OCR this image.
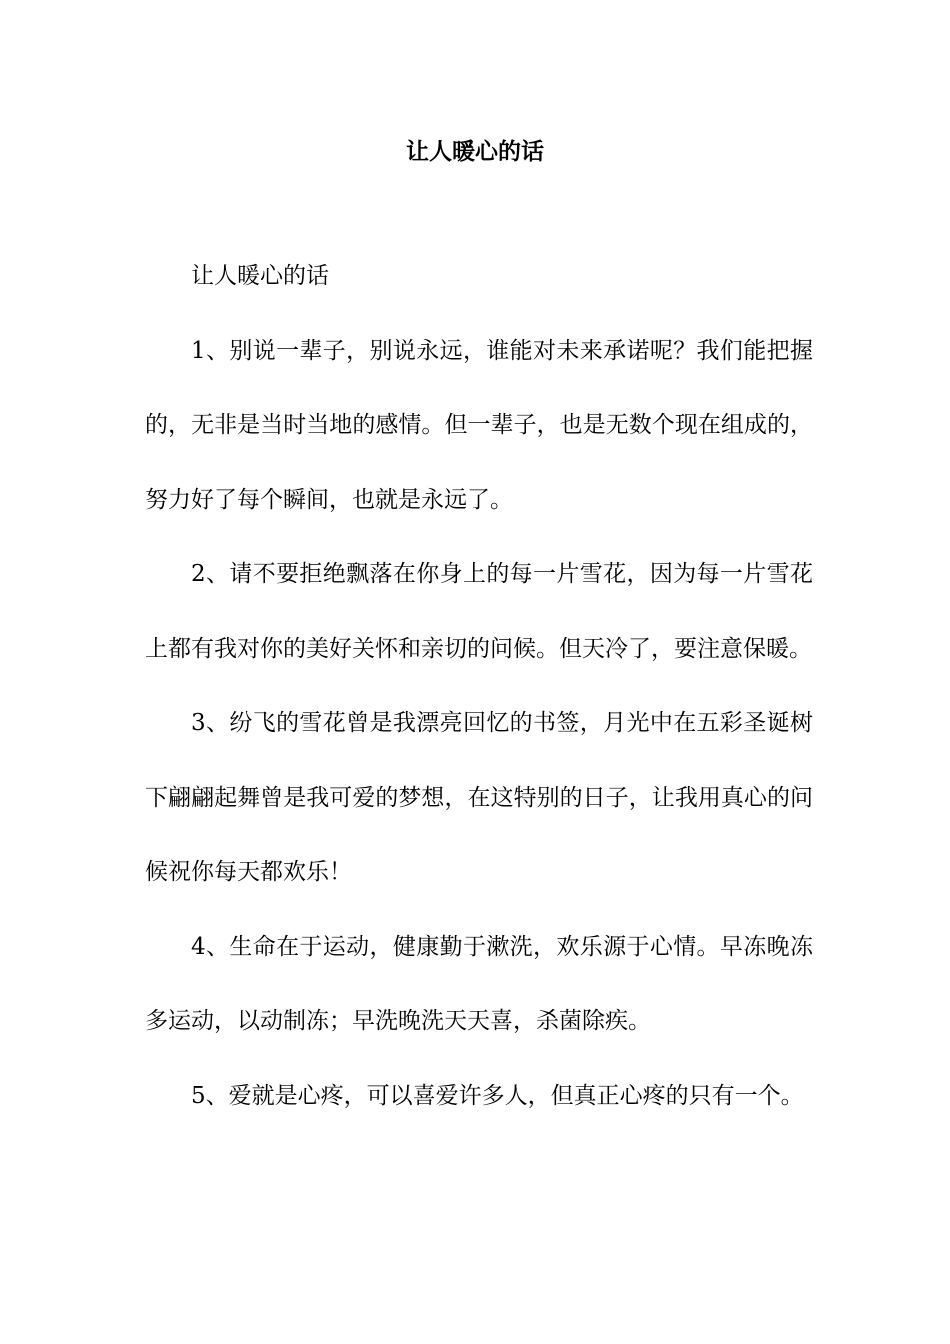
让人暖心的话

让人暖心的话

1、别说一辈子，别说永远，谁能对未来承诺呢？我们能把握的，无非是当时当地的感情。但一辈子，也是无数个现在组成的，努力好了每个瞬间，也就是永远了。

2、请不要拒绝飘落在你身上的每一片雪花，因为每一片雪花上都有我对你的美好关怀和亲切的问候。但天冷了，要注意保暖。

3、纷飞的雪花曾是我漂亮回忆的书签，月光中在五彩圣诞树下翩翩起舞曾是我可爱的梦想，在这特别的日子，让我用真心的问候祝你每天都欢乐！

4、生命在于运动，健康勤于漱洗，欢乐源于心情。早冻晚冻多运动，以动制冻；早洗晚洗天天喜，杀菌除疾。

5、爱就是心疼，可以喜爱许多人，但真正心疼的只有一个。
